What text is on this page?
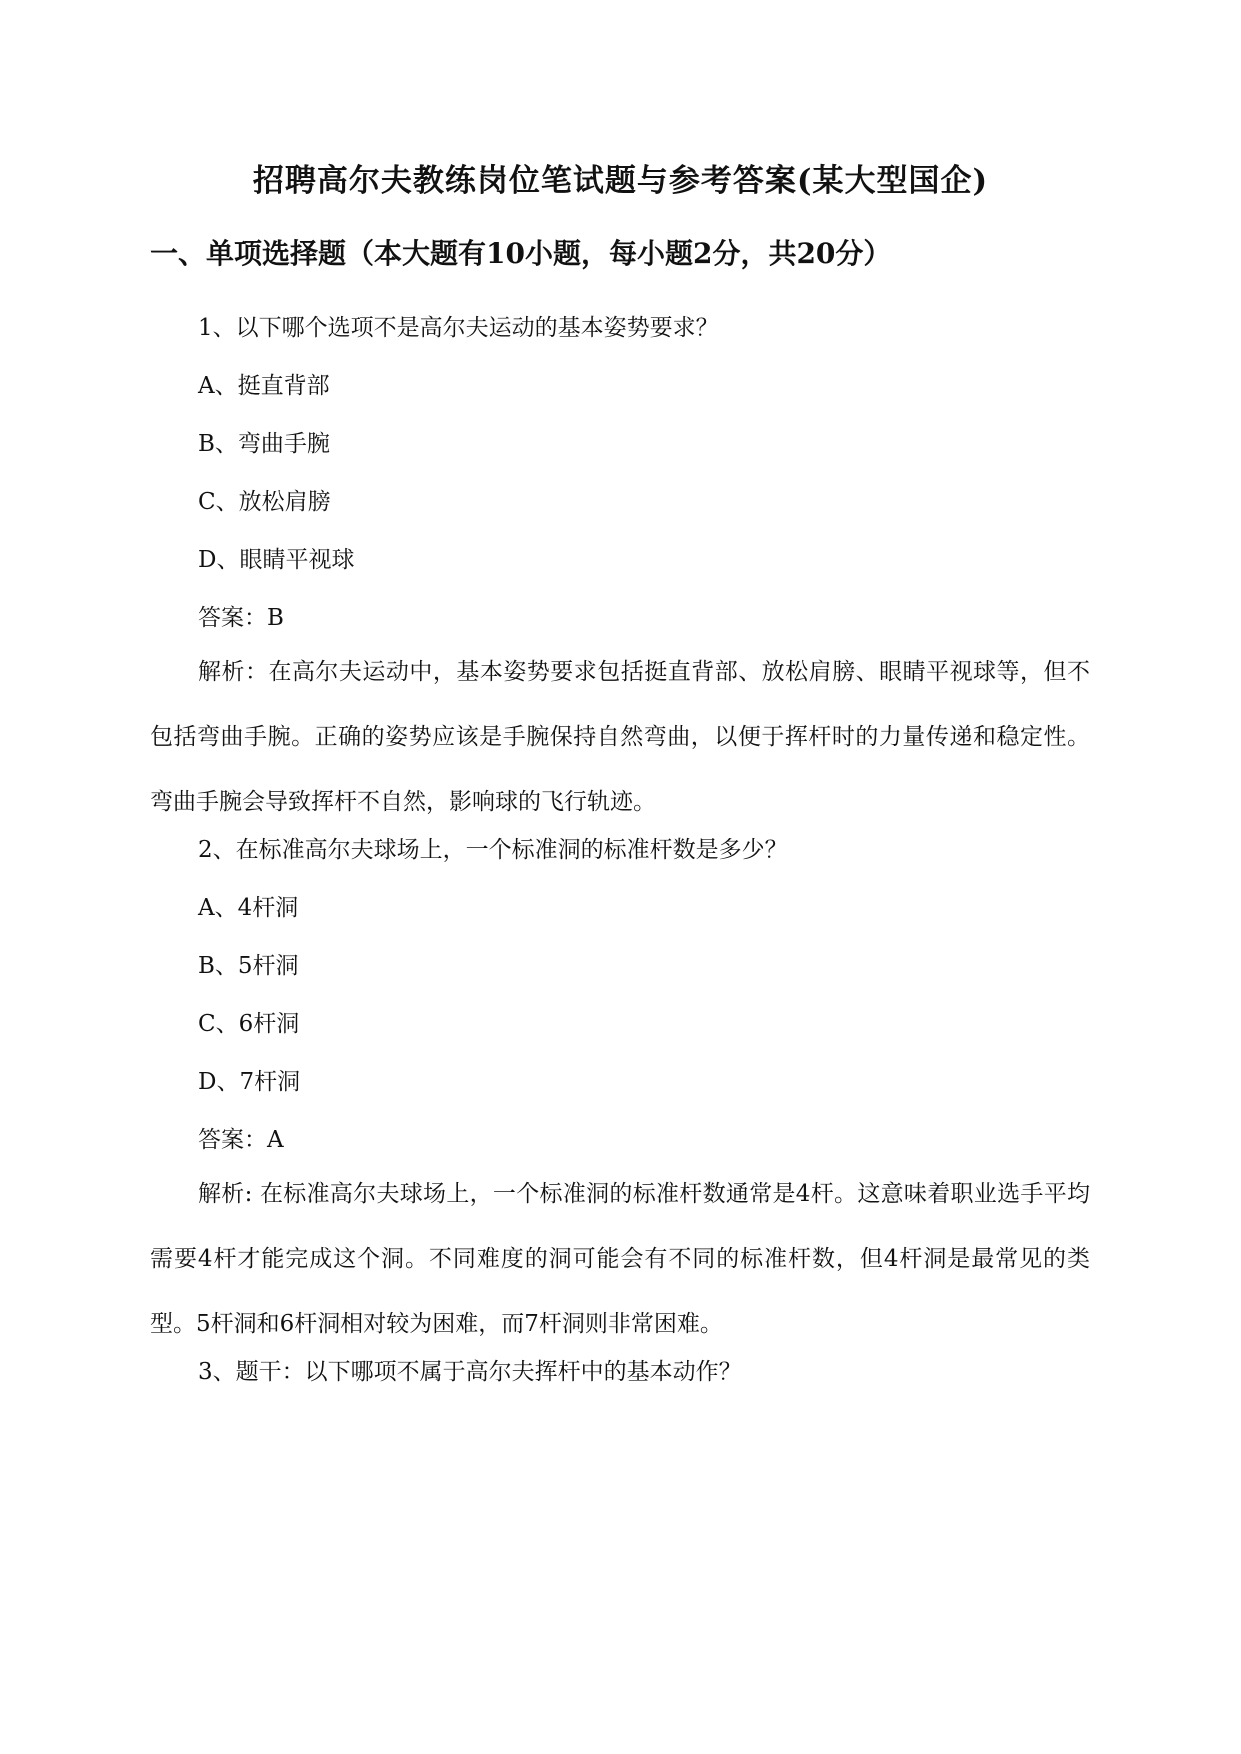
招聘高尔夫教练岗位笔试题与参考答案(某大型国企)
一、单项选择题（本大题有10小题，每小题2分，共20分）
1、以下哪个选项不是高尔夫运动的基本姿势要求？
A、挺直背部
B、弯曲手腕
C、放松肩膀
D、眼睛平视球
答案：B

解析：在高尔夫运动中，基本姿势要求包括挺直背部、放松肩膀、眼睛平视球等，但不包括弯曲手腕。正确的姿势应该是手腕保持自然弯曲，以便于挥杆时的力量传递和稳定性。弯曲手腕会导致挥杆不自然，影响球的飞行轨迹。

2、在标准高尔夫球场上，一个标准洞的标准杆数是多少？
A、4杆洞
B、5杆洞
C、6杆洞
D、7杆洞
答案：A

解析: 在标准高尔夫球场上，一个标准洞的标准杆数通常是4杆。这意味着职业选手平均需要4杆才能完成这个洞。不同难度的洞可能会有不同的标准杆数，但4杆洞是最常见的类型。5杆洞和6杆洞相对较为困难，而7杆洞则非常困难。

3、题干：以下哪项不属于高尔夫挥杆中的基本动作？
